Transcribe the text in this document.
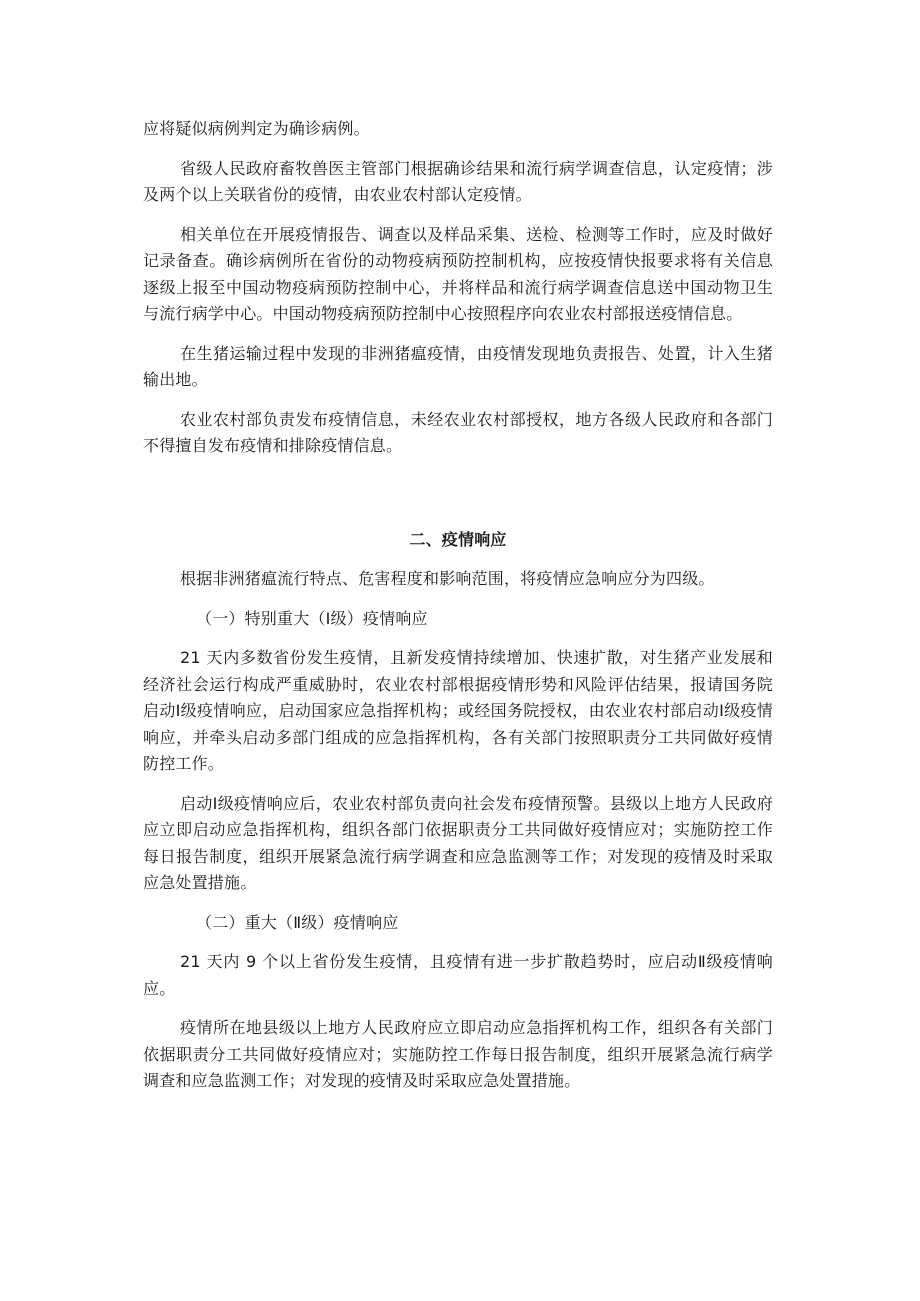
应将疑似病例判定为确诊病例。

省级人民政府畜牧兽医主管部门根据确诊结果和流行病学调查信息，认定疫情；涉及两个以上关联省份的疫情，由农业农村部认定疫情。

相关单位在开展疫情报告、调查以及样品采集、送检、检测等工作时，应及时做好记录备查。确诊病例所在省份的动物疫病预防控制机构，应按疫情快报要求将有关信息逐级上报至中国动物疫病预防控制中心，并将样品和流行病学调查信息送中国动物卫生与流行病学中心。中国动物疫病预防控制中心按照程序向农业农村部报送疫情信息。

在生猪运输过程中发现的非洲猪瘟疫情，由疫情发现地负责报告、处置，计入生猪输出地。

农业农村部负责发布疫情信息，未经农业农村部授权，地方各级人民政府和各部门不得擅自发布疫情和排除疫情信息。

二、疫情响应

根据非洲猪瘟流行特点、危害程度和影响范围，将疫情应急响应分为四级。

（一）特别重大（Ⅰ级）疫情响应

21 天内多数省份发生疫情，且新发疫情持续增加、快速扩散，对生猪产业发展和经济社会运行构成严重威胁时，农业农村部根据疫情形势和风险评估结果，报请国务院启动Ⅰ级疫情响应，启动国家应急指挥机构；或经国务院授权，由农业农村部启动Ⅰ级疫情响应，并牵头启动多部门组成的应急指挥机构，各有关部门按照职责分工共同做好疫情防控工作。

启动Ⅰ级疫情响应后，农业农村部负责向社会发布疫情预警。县级以上地方人民政府应立即启动应急指挥机构，组织各部门依据职责分工共同做好疫情应对；实施防控工作每日报告制度，组织开展紧急流行病学调查和应急监测等工作；对发现的疫情及时采取应急处置措施。

（二）重大（Ⅱ级）疫情响应

21 天内 9 个以上省份发生疫情，且疫情有进一步扩散趋势时，应启动Ⅱ级疫情响应。

疫情所在地县级以上地方人民政府应立即启动应急指挥机构工作，组织各有关部门依据职责分工共同做好疫情应对；实施防控工作每日报告制度，组织开展紧急流行病学调查和应急监测工作；对发现的疫情及时采取应急处置措施。
